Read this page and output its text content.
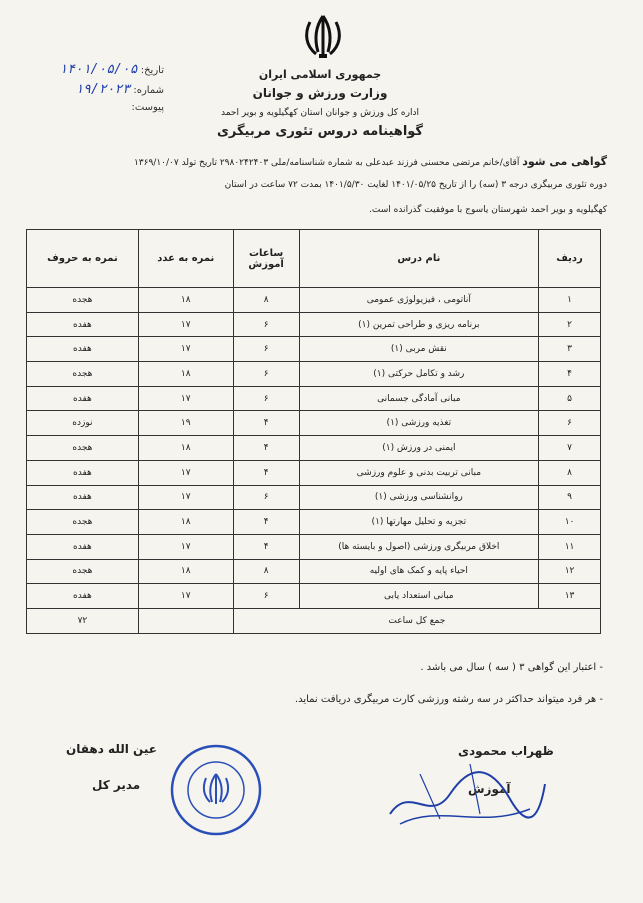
جمهوری اسلامی ایران
وزارت ورزش و جوانان
اداره کل ورزش و جوانان استان کهگیلویه و بویر احمد
گواهینامه دروس تئوری مربیگری
تاریخ: ۱۴۰۱/۰۵/۰۵
شماره: ۱۹/۲۰۲۳
پیوست:
گواهی می شود آقای/خانم مرتضی محسنی فرزند عبدعلی به شماره شناسنامه/ملی ۲۹۸۰۲۴۲۴۰۳ تاریخ تولد ۱۳۶۹/۱۰/۰۷
دوره تئوری مربیگری درجه ۳ (سه) را از تاریخ ۱۴۰۱/۰۵/۲۵ لغایت ۱۴۰۱/۵/۳۰ بمدت ۷۲ ساعت در استان
کهگیلویه و بویر احمد شهرستان یاسوج با موفقیت گذرانده است.
ردیف	نام درس	ساعات آموزش	نمره به عدد	نمره به حروف
۱	آناتومی ، فیزیولوژی عمومی	۸	۱۸	هجده
۲	برنامه ریزی و طراحی تمرین (۱)	۶	۱۷	هفده
۳	نقش مربی (۱)	۶	۱۷	هفده
۴	رشد و تکامل حرکتی (۱)	۶	۱۸	هجده
۵	مبانی آمادگی جسمانی	۶	۱۷	هفده
۶	تغذیه ورزشی (۱)	۴	۱۹	نوزده
۷	ایمنی در ورزش (۱)	۴	۱۸	هجده
۸	مبانی تربیت بدنی و علوم ورزشی	۴	۱۷	هفده
۹	روانشناسی ورزشی (۱)	۶	۱۷	هفده
۱۰	تجزیه و تحلیل مهارتها (۱)	۴	۱۸	هجده
۱۱	اخلاق مربیگری ورزشی (اصول و بایسته ها)	۴	۱۷	هفده
۱۲	احیاء پایه و کمک های اولیه	۸	۱۸	هجده
۱۳	مبانی استعداد یابی	۶	۱۷	هفده
جمع کل ساعت				۷۲
- اعتبار این گواهی ۳ ( سه ) سال می باشد .
- هر فرد میتواند حداکثر در سه رشته ورزشی کارت مربیگری دریافت نماید.
ظهراب محمودی
آموزش
عین الله دهقان
مدیر کل
